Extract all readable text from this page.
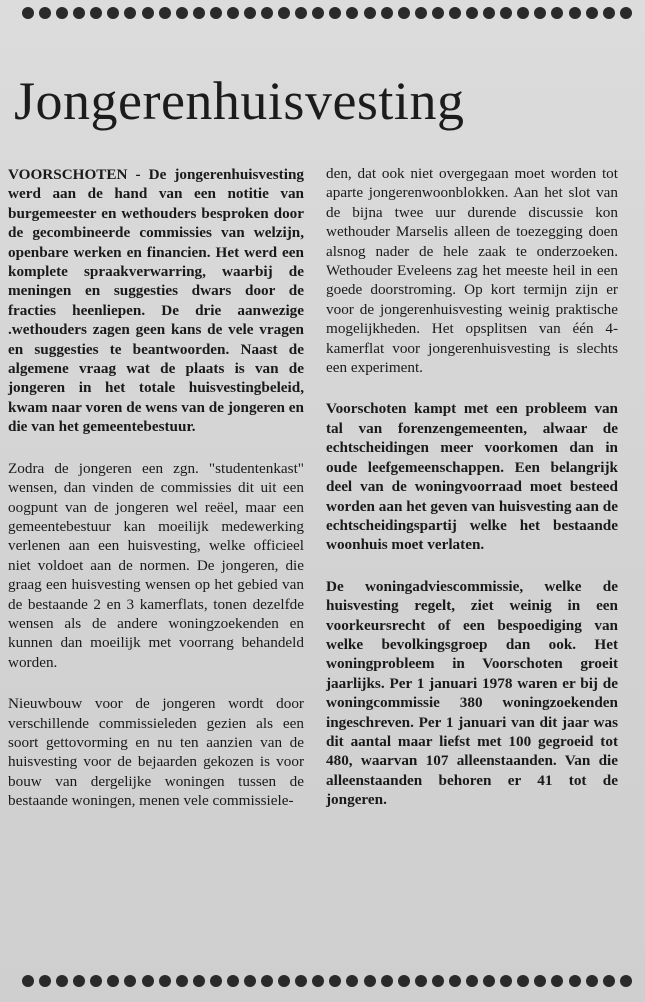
Jongerenhuisvesting

VOORSCHOTEN - De jongerenhuisvesting werd aan de hand van een notitie van burgemeester en wethouders besproken door de gecombineerde commissies van welzijn, openbare werken en financien. Het werd een komplete spraakverwarring, waarbij de meningen en suggesties dwars door de fracties heenliepen. De drie aanwezige .wethouders zagen geen kans de vele vragen en suggesties te beantwoorden. Naast de algemene vraag wat de plaats is van de jongeren in het totale huisvestingbeleid, kwam naar voren de wens van de jongeren en die van het gemeentebestuur.

Zodra de jongeren een zgn. "studentenkast" wensen, dan vinden de commissies dit uit een oogpunt van de jongeren wel reëel, maar een gemeentebestuur kan moeilijk medewerking verlenen aan een huisvesting, welke officieel niet voldoet aan de normen. De jongeren, die graag een huisvesting wensen op het gebied van de bestaande 2 en 3 kamerflats, tonen dezelfde wensen als de andere woningzoekenden en kunnen dan moeilijk met voorrang behandeld worden.

Nieuwbouw voor de jongeren wordt door verschillende commissieleden gezien als een soort gettovorming en nu ten aanzien van de huisvesting voor de bejaarden gekozen is voor bouw van dergelijke woningen tussen de bestaande woningen, menen vele commissiele-

den, dat ook niet overgegaan moet worden tot aparte jongerenwoonblokken. Aan het slot van de bijna twee uur durende discussie kon wethouder Marselis alleen de toezegging doen alsnog nader de hele zaak te onderzoeken. Wethouder Eveleens zag het meeste heil in een goede doorstroming. Op kort termijn zijn er voor de jongerenhuisvesting weinig praktische mogelijkheden. Het opsplitsen van één 4-kamerflat voor jongerenhuisvesting is slechts een experiment.

Voorschoten kampt met een probleem van tal van forenzengemeenten, alwaar de echtscheidingen meer voorkomen dan in oude leefgemeenschappen. Een belangrijk deel van de woningvoorraad moet besteed worden aan het geven van huisvesting aan de echtscheidingspartij welke het bestaande woonhuis moet verlaten.

De woningadviescommissie, welke de huisvesting regelt, ziet weinig in een voorkeursrecht of een bespoediging van welke bevolkingsgroep dan ook. Het woningprobleem in Voorschoten groeit jaarlijks. Per 1 januari 1978 waren er bij de woningcommissie 380 woningzoekenden ingeschreven. Per 1 januari van dit jaar was dit aantal maar liefst met 100 gegroeid tot 480, waarvan 107 alleenstaanden. Van die alleenstaanden behoren er 41 tot de jongeren.
